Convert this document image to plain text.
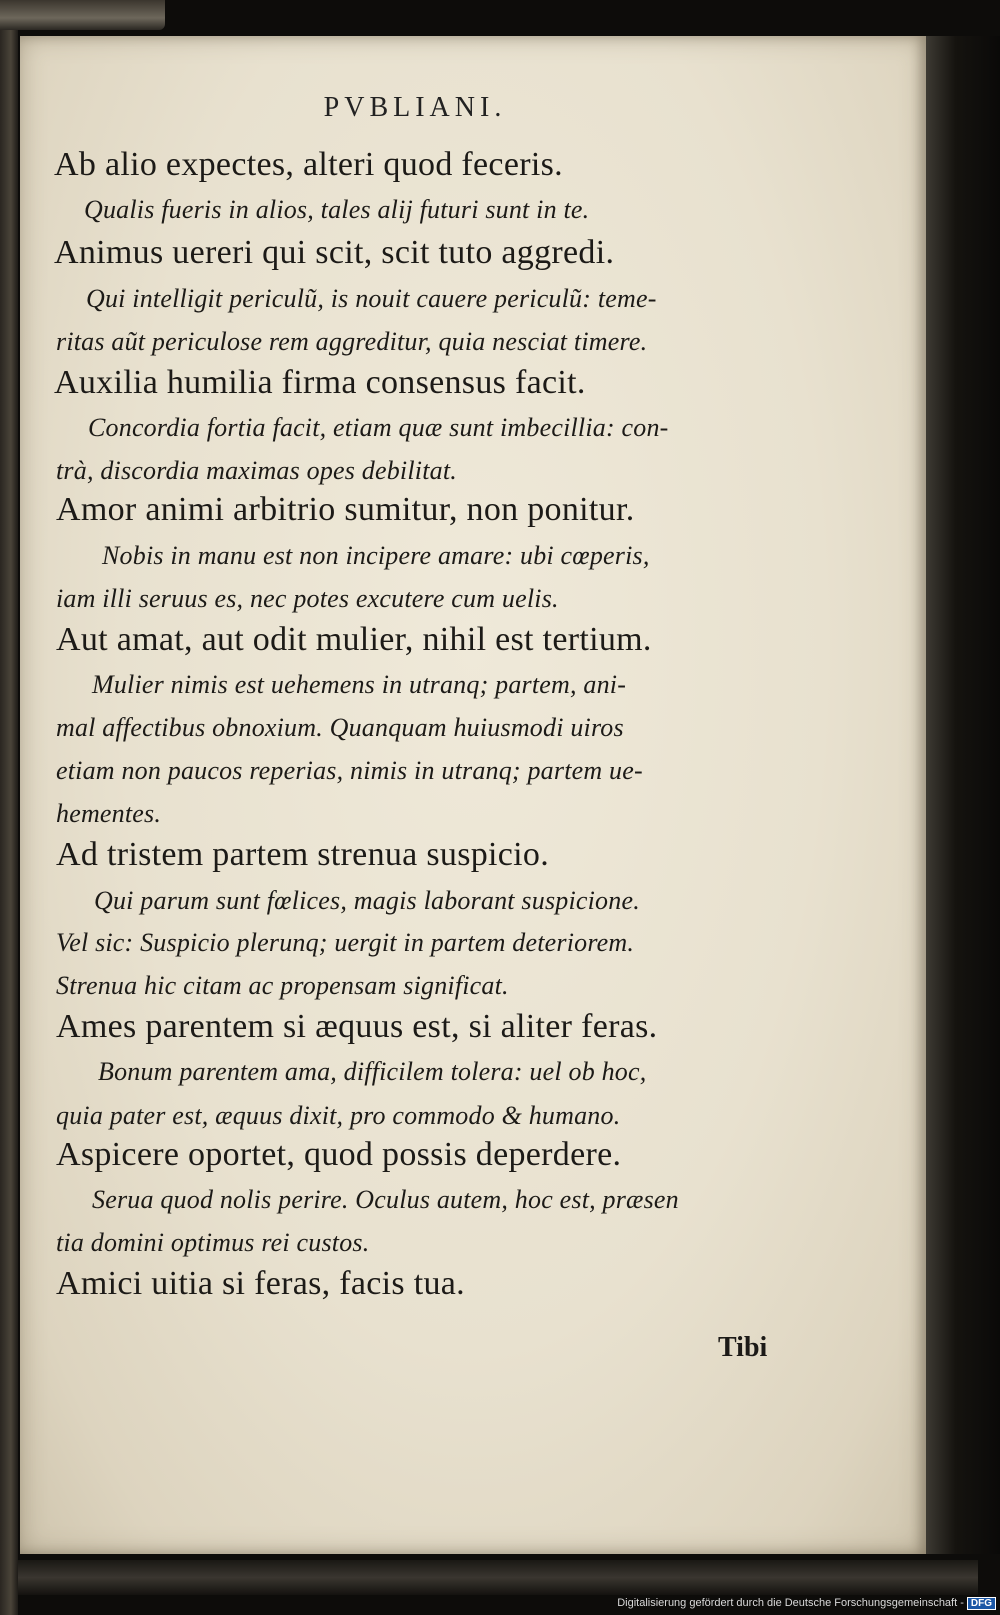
PVBLIANI.
Ab alio expectes, alteri quod feceris.
Qualis fueris in alios, tales alij futuri sunt in te.
Animus uereri qui scit, scit tuto aggredi.
Qui intelligit periculũ, is nouit cauere periculũ: teme-
ritas aũt periculose rem aggreditur, quia nesciat timere.
Auxilia humilia firma consensus facit.
Concordia fortia facit, etiam quæ sunt imbecillia: con-
trà, discordia maximas opes debilitat.
Amor animi arbitrio sumitur, non ponitur.
Nobis in manu est non incipere amare: ubi cœperis,
iam illi seruus es, nec potes excutere cum uelis.
Aut amat, aut odit mulier, nihil est tertium.
Mulier nimis est uehemens in utranq; partem, ani-
mal affectibus obnoxium. Quanquam huiusmodi uiros
etiam non paucos reperias, nimis in utranq; partem ue-
hementes.
Ad tristem partem strenua suspicio.
Qui parum sunt fœlices, magis laborant suspicione.
Vel sic: Suspicio plerunq; uergit in partem deteriorem.
Strenua hic citam ac propensam significat.
Ames parentem si æquus est, si aliter feras.
Bonum parentem ama, difficilem tolera: uel ob hoc,
quia pater est, æquus dixit, pro commodo & humano.
Aspicere oportet, quod possis deperdere.
Serua quod nolis perire. Oculus autem, hoc est, præsen
tia domini optimus rei custos.
Amici uitia si feras, facis tua.
Tibi
Digitalisierung gefördert durch die Deutsche Forschungsgemeinschaft - DFG
